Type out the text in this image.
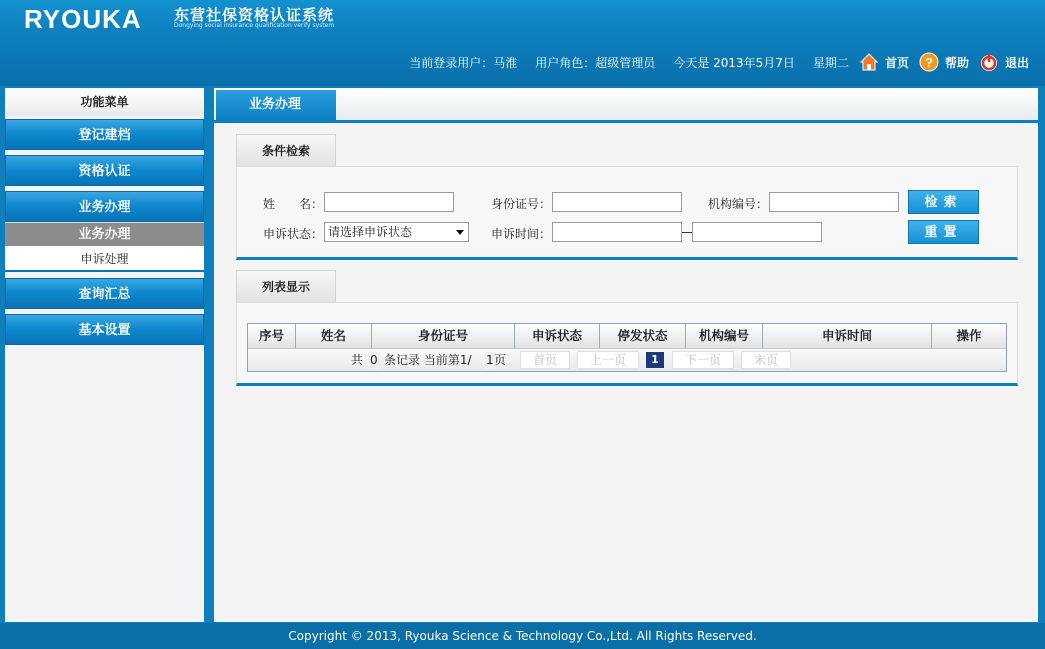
RYOUKA 东营社保资格认证系统
Dongying social insurance qualification verify system
当前登录用户：马淮 用户角色：超级管理员 今天是 2013年5月7日 星期二	首页 ? 帮助	退出
功能菜单
登记建档
资格认证
业务办理
业务办理
申诉处理
查询汇总
基本设置
业务办理
条件检索
姓　　名：	身份证号：	机构编号：	检索
申诉状态： 请选择申诉状态	申诉时间：	重置
列表显示
序号	姓名	身份证号	申诉状态	停发状态	机构编号	申诉时间	操作
共 0 条记录 当前第1/ 1 页	首页	上一页	1	下一页	末页
Copyright © 2013, Ryouka Science & Technology Co.,Ltd. All Rights Reserved.
